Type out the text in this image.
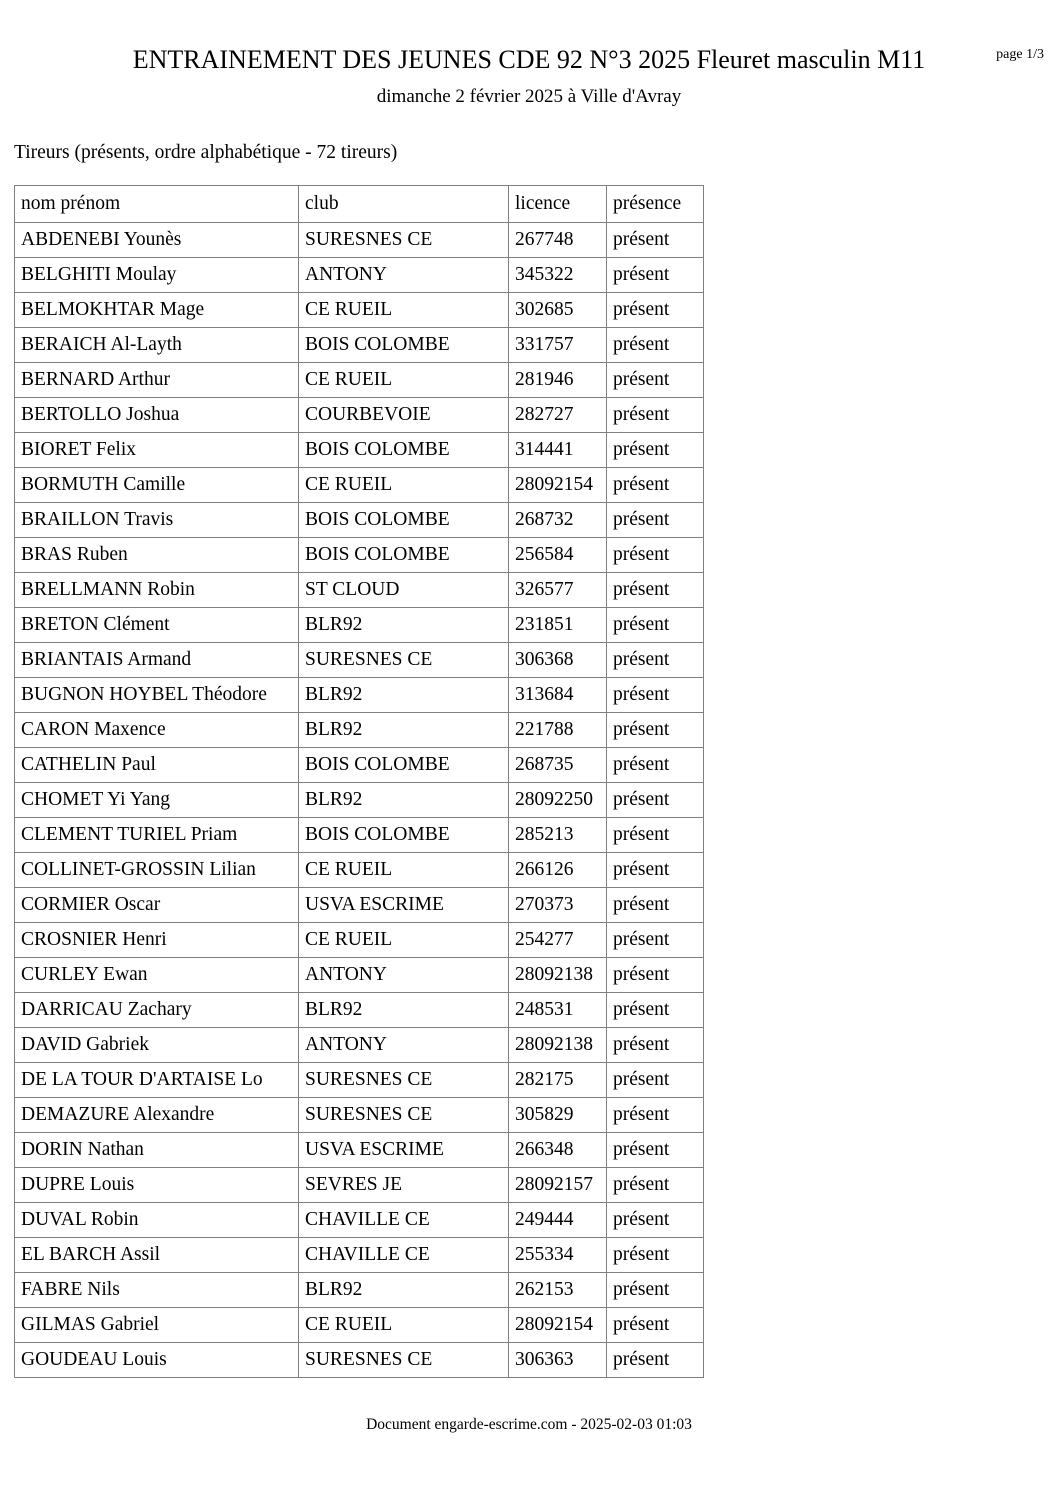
ENTRAINEMENT DES JEUNES CDE 92 N°3 2025 Fleuret masculin M11	page 1/3
dimanche 2 février 2025 à Ville d'Avray
Tireurs (présents, ordre alphabétique - 72 tireurs)
nom prénom	club	licence	présence
ABDENEBI Younès	SURESNES CE	267748	présent
BELGHITI Moulay	ANTONY	345322	présent
BELMOKHTAR Mage	CE RUEIL	302685	présent
BERAICH Al-Layth	BOIS COLOMBE	331757	présent
BERNARD Arthur	CE RUEIL	281946	présent
BERTOLLO Joshua	COURBEVOIE	282727	présent
BIORET Felix	BOIS COLOMBE	314441	présent
BORMUTH Camille	CE RUEIL	28092154	présent
BRAILLON Travis	BOIS COLOMBE	268732	présent
BRAS Ruben	BOIS COLOMBE	256584	présent
BRELLMANN Robin	ST CLOUD	326577	présent
BRETON Clément	BLR92	231851	présent
BRIANTAIS Armand	SURESNES CE	306368	présent
BUGNON HOYBEL Théodore	BLR92	313684	présent
CARON Maxence	BLR92	221788	présent
CATHELIN Paul	BOIS COLOMBE	268735	présent
CHOMET Yi Yang	BLR92	28092250	présent
CLEMENT TURIEL Priam	BOIS COLOMBE	285213	présent
COLLINET-GROSSIN Lilian	CE RUEIL	266126	présent
CORMIER Oscar	USVA ESCRIME	270373	présent
CROSNIER Henri	CE RUEIL	254277	présent
CURLEY Ewan	ANTONY	28092138	présent
DARRICAU Zachary	BLR92	248531	présent
DAVID Gabriek	ANTONY	28092138	présent
DE LA TOUR D'ARTAISE Lo	SURESNES CE	282175	présent
DEMAZURE Alexandre	SURESNES CE	305829	présent
DORIN Nathan	USVA ESCRIME	266348	présent
DUPRE Louis	SEVRES JE	28092157	présent
DUVAL Robin	CHAVILLE CE	249444	présent
EL BARCH Assil	CHAVILLE CE	255334	présent
FABRE Nils	BLR92	262153	présent
GILMAS Gabriel	CE RUEIL	28092154	présent
GOUDEAU Louis	SURESNES CE	306363	présent
Document engarde-escrime.com - 2025-02-03 01:03
